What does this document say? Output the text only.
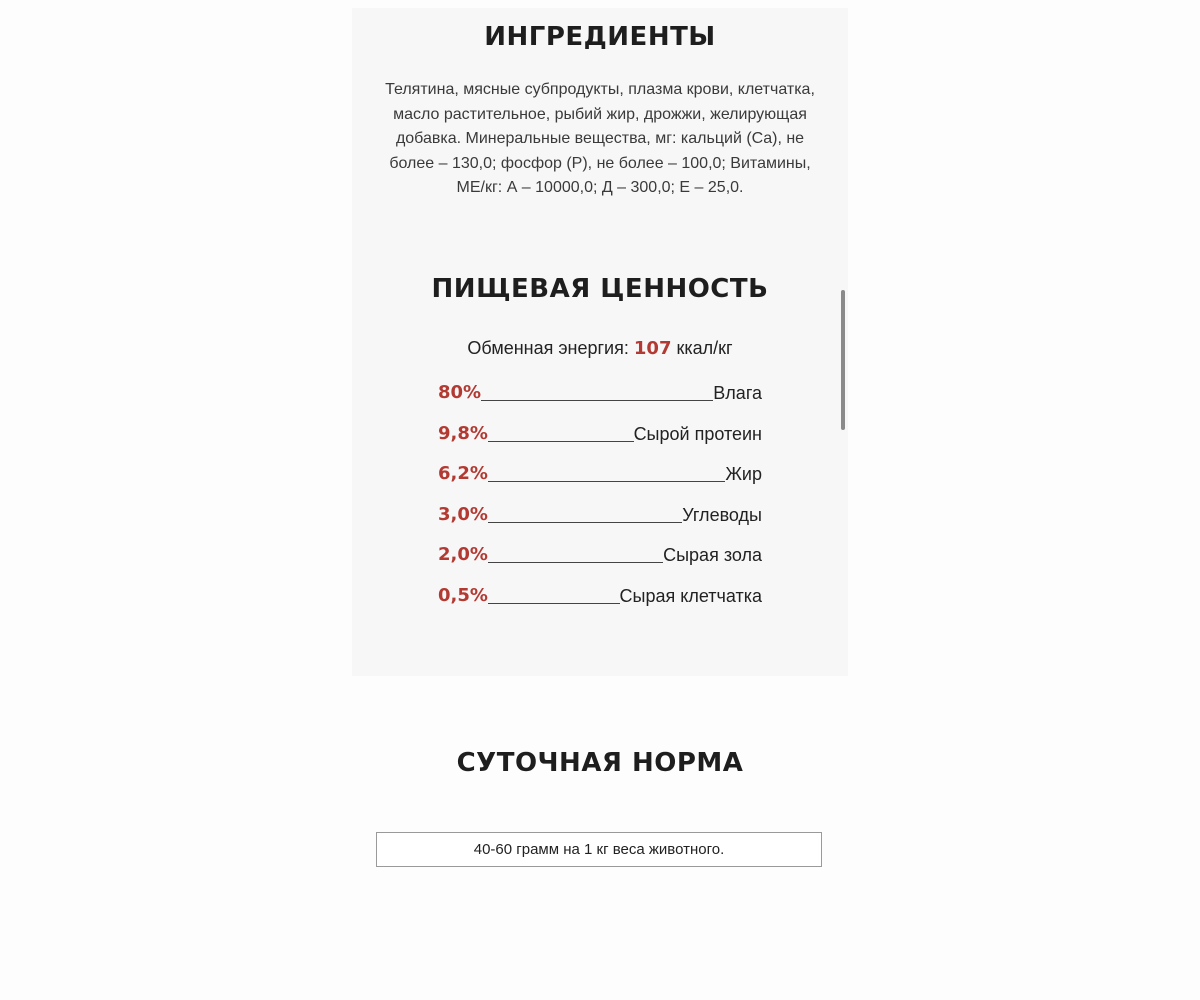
ИНГРЕДИЕНТЫ
Телятина, мясные субпродукты, плазма крови, клетчатка,
масло растительное, рыбий жир, дрожжи, желирующая
добавка. Минеральные вещества, мг: кальций (Ca), не
более – 130,0; фосфор (Р), не более – 100,0; Витамины,
МЕ/кг: А – 10000,0; Д – 300,0; Е – 25,0.
ПИЩЕВАЯ ЦЕННОСТЬ
Обменная энергия: 107 ккал/кг
80%	Влага
9,8%	Сырой протеин
6,2%	Жир
3,0%	Углеводы
2,0%	Сырая зола
0,5%	Сырая клетчатка
СУТОЧНАЯ НОРМА
40-60 грамм на 1 кг веса животного.
